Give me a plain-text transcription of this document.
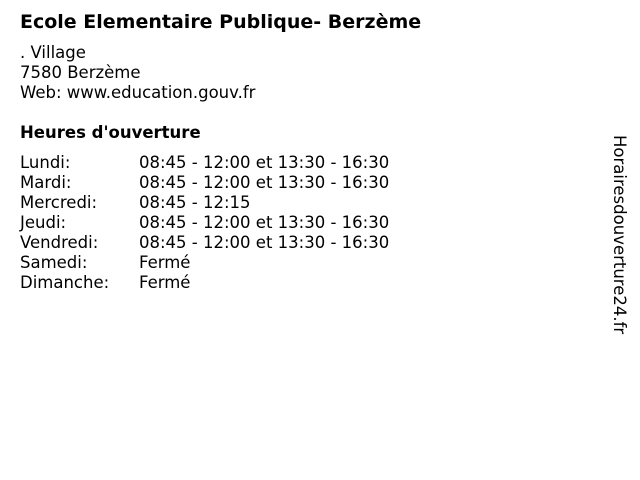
Ecole Elementaire Publique- Berzème
. Village
7580 Berzème
Web: www.education.gouv.fr
Heures d'ouverture
Lundi:	08:45 - 12:00 et 13:30 - 16:30
Mardi:	08:45 - 12:00 et 13:30 - 16:30
Mercredi:	08:45 - 12:15
Jeudi:	08:45 - 12:00 et 13:30 - 16:30
Vendredi: 08:45 - 12:00 et 13:30 - 16:30
Samedi:	Fermé
Dimanche: Fermé	Horairesdouverture24.fr
